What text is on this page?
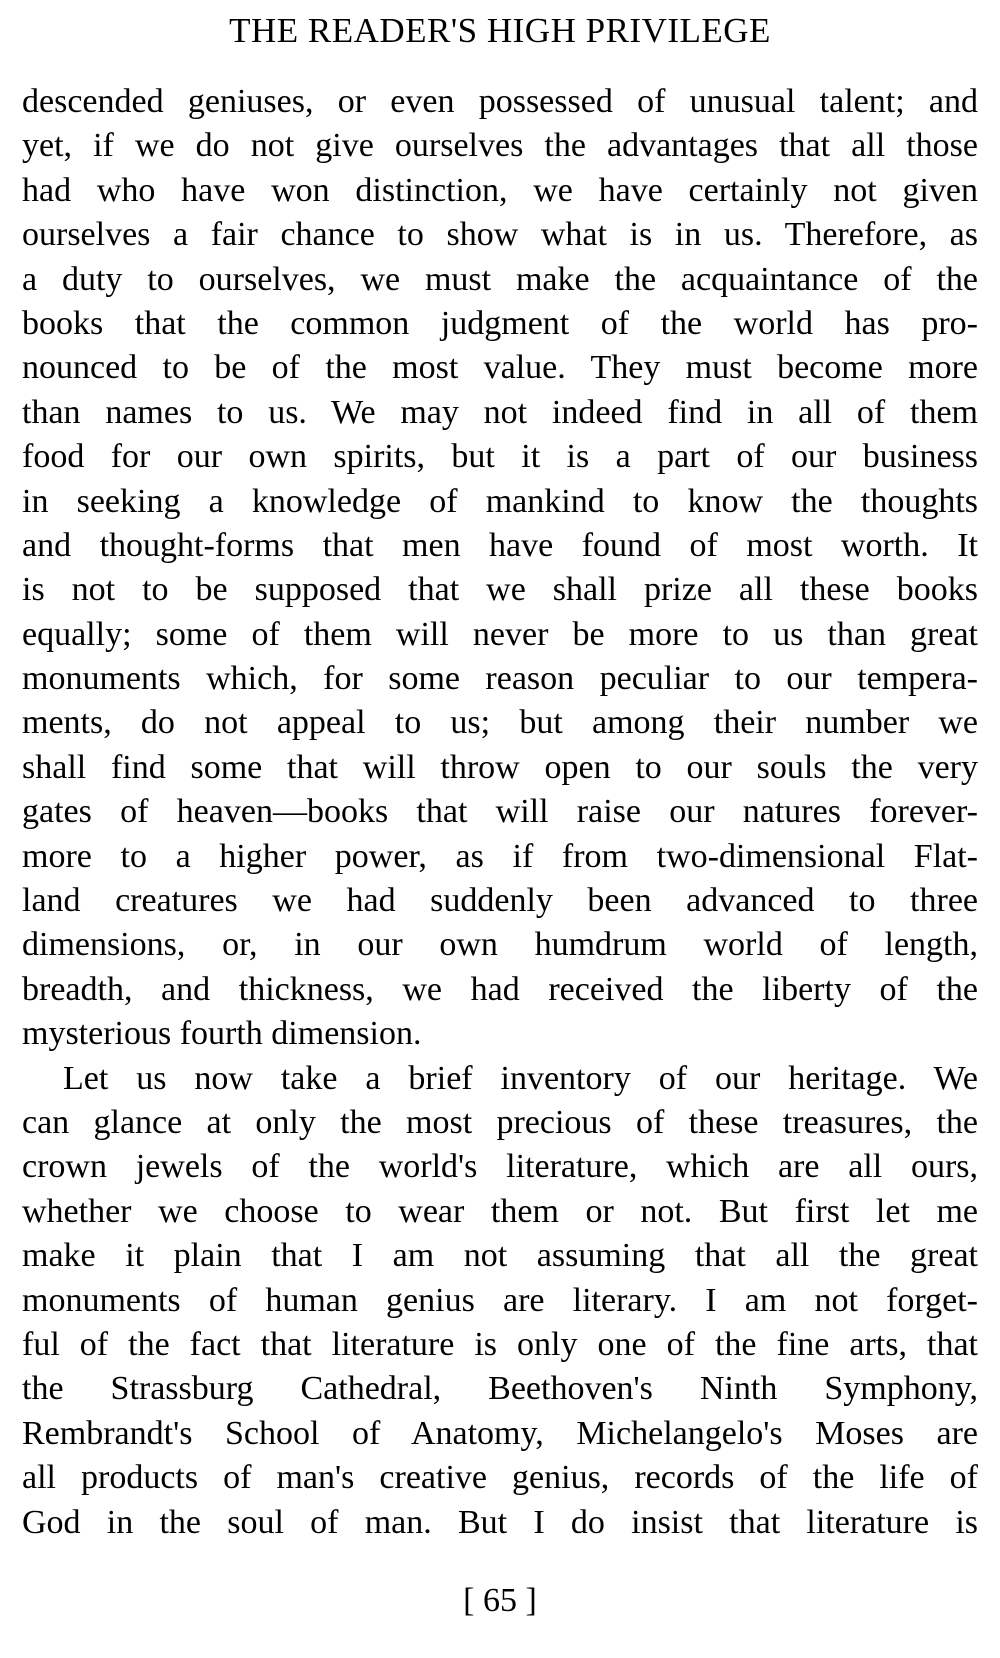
THE READER'S HIGH PRIVILEGE
descended geniuses, or even possessed of unusual talent; and
yet, if we do not give ourselves the advantages that all those
had who have won distinction, we have certainly not given
ourselves a fair chance to show what is in us. Therefore, as
a duty to ourselves, we must make the acquaintance of the
books that the common judgment of the world has pro-
nounced to be of the most value. They must become more
than names to us. We may not indeed find in all of them
food for our own spirits, but it is a part of our business
in seeking a knowledge of mankind to know the thoughts
and thought-forms that men have found of most worth. It
is not to be supposed that we shall prize all these books
equally; some of them will never be more to us than great
monuments which, for some reason peculiar to our tempera-
ments, do not appeal to us; but among their number we
shall find some that will throw open to our souls the very
gates of heaven—books that will raise our natures forever-
more to a higher power, as if from two-dimensional Flat-
land creatures we had suddenly been advanced to three
dimensions, or, in our own humdrum world of length,
breadth, and thickness, we had received the liberty of the
mysterious fourth dimension.
Let us now take a brief inventory of our heritage. We
can glance at only the most precious of these treasures, the
crown jewels of the world's literature, which are all ours,
whether we choose to wear them or not. But first let me
make it plain that I am not assuming that all the great
monuments of human genius are literary. I am not forget-
ful of the fact that literature is only one of the fine arts, that
the Strassburg Cathedral, Beethoven's Ninth Symphony,
Rembrandt's School of Anatomy, Michelangelo's Moses are
all products of man's creative genius, records of the life of
God in the soul of man. But I do insist that literature is
[ 65 ]
